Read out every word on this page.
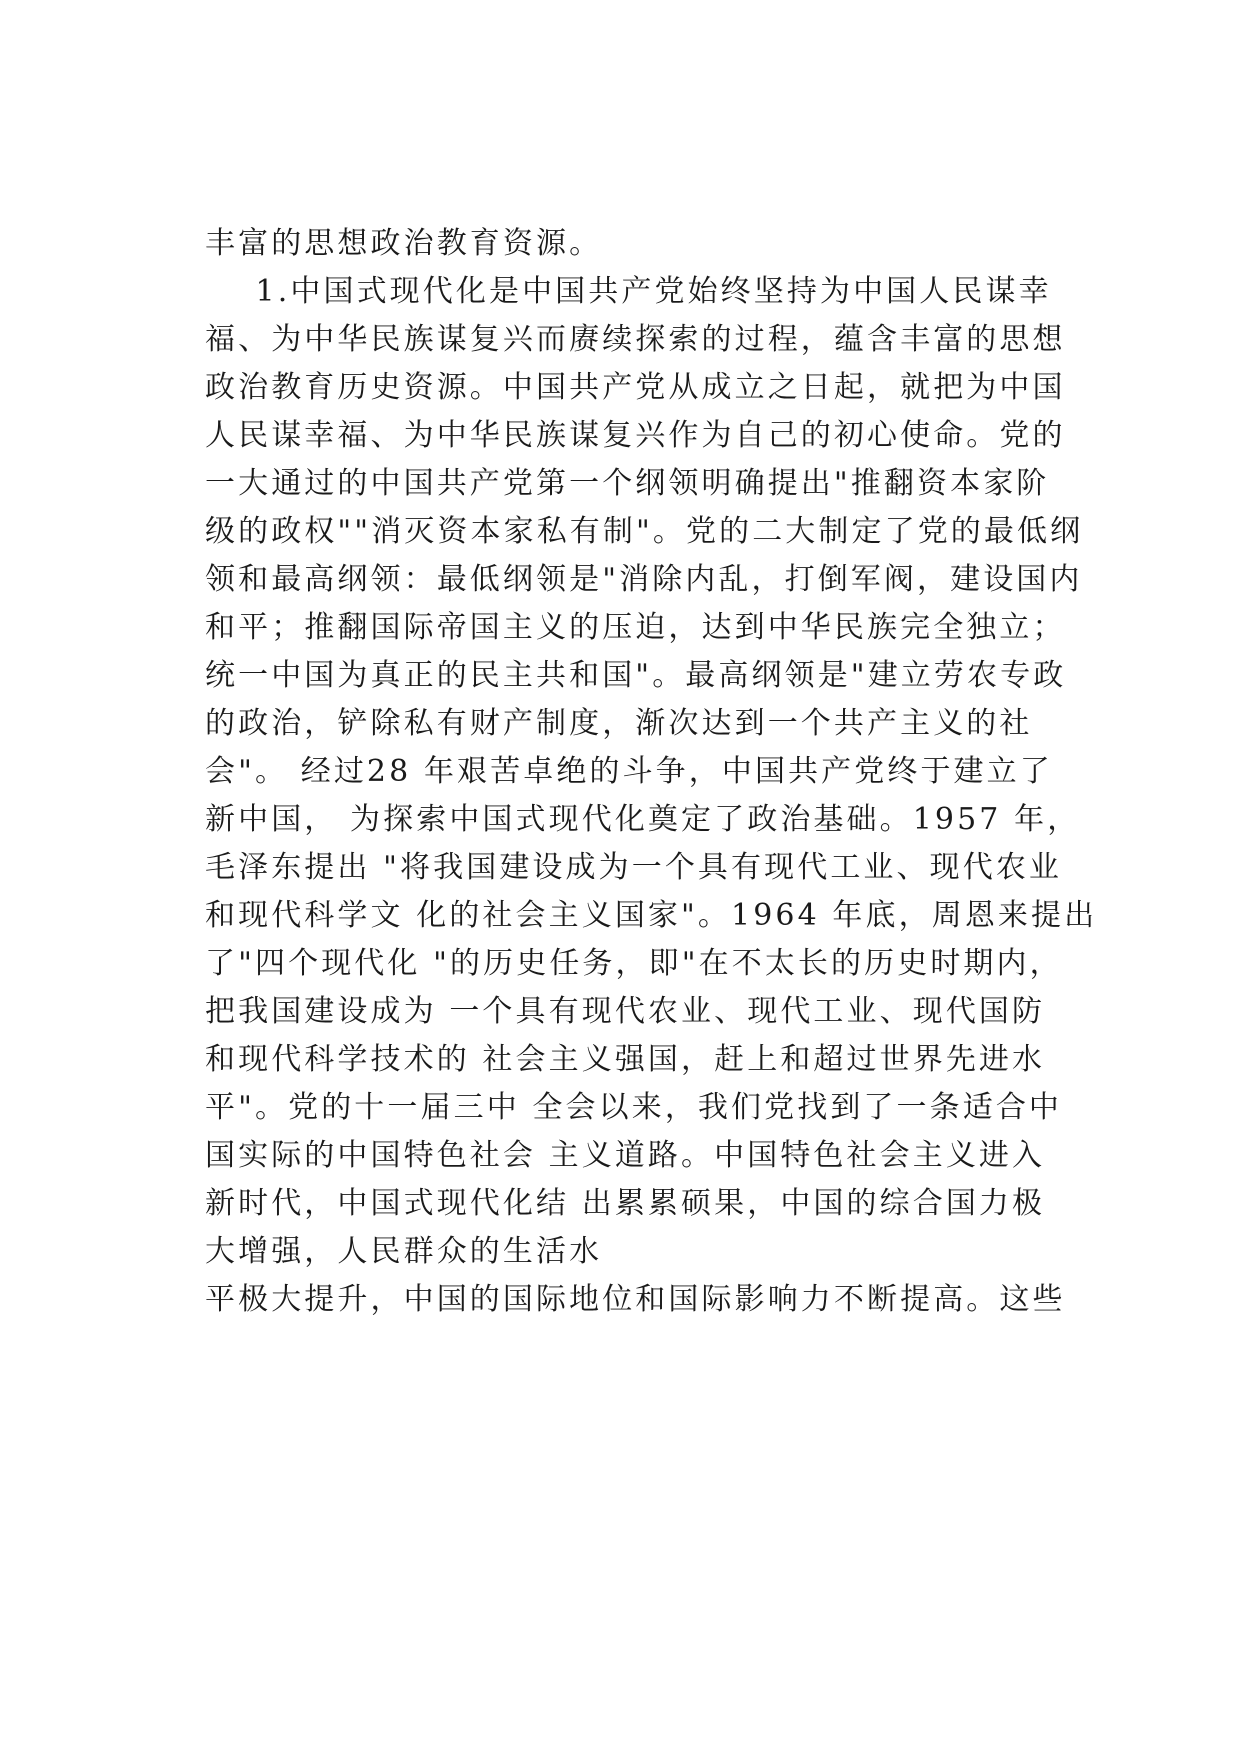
丰富的思想政治教育资源。
1.中国式现代化是中国共产党始终坚持为中国人民谋幸
福、为中华民族谋复兴而赓续探索的过程，蕴含丰富的思想
政治教育历史资源。中国共产党从成立之日起，就把为中国
人民谋幸福、为中华民族谋复兴作为自己的初心使命。党的
一大通过的中国共产党第一个纲领明确提出"推翻资本家阶
级的政权""消灭资本家私有制"。党的二大制定了党的最低纲
领和最高纲领：最低纲领是"消除内乱，打倒军阀，建设国内
和平；推翻国际帝国主义的压迫，达到中华民族完全独立；
统一中国为真正的民主共和国"。最高纲领是"建立劳农专政
的政治，铲除私有财产制度，渐次达到一个共产主义的社
会"。 经过28 年艰苦卓绝的斗争，中国共产党终于建立了
新中国， 为探索中国式现代化奠定了政治基础。1957 年，
毛泽东提出 "将我国建设成为一个具有现代工业、现代农业
和现代科学文 化的社会主义国家"。1964 年底，周恩来提出
了"四个现代化 "的历史任务，即"在不太长的历史时期内，
把我国建设成为 一个具有现代农业、现代工业、现代国防
和现代科学技术的 社会主义强国，赶上和超过世界先进水
平"。党的十一届三中 全会以来，我们党找到了一条适合中
国实际的中国特色社会 主义道路。中国特色社会主义进入
新时代，中国式现代化结 出累累硕果，中国的综合国力极
大增强，人民群众的生活水
平极大提升，中国的国际地位和国际影响力不断提高。这些
